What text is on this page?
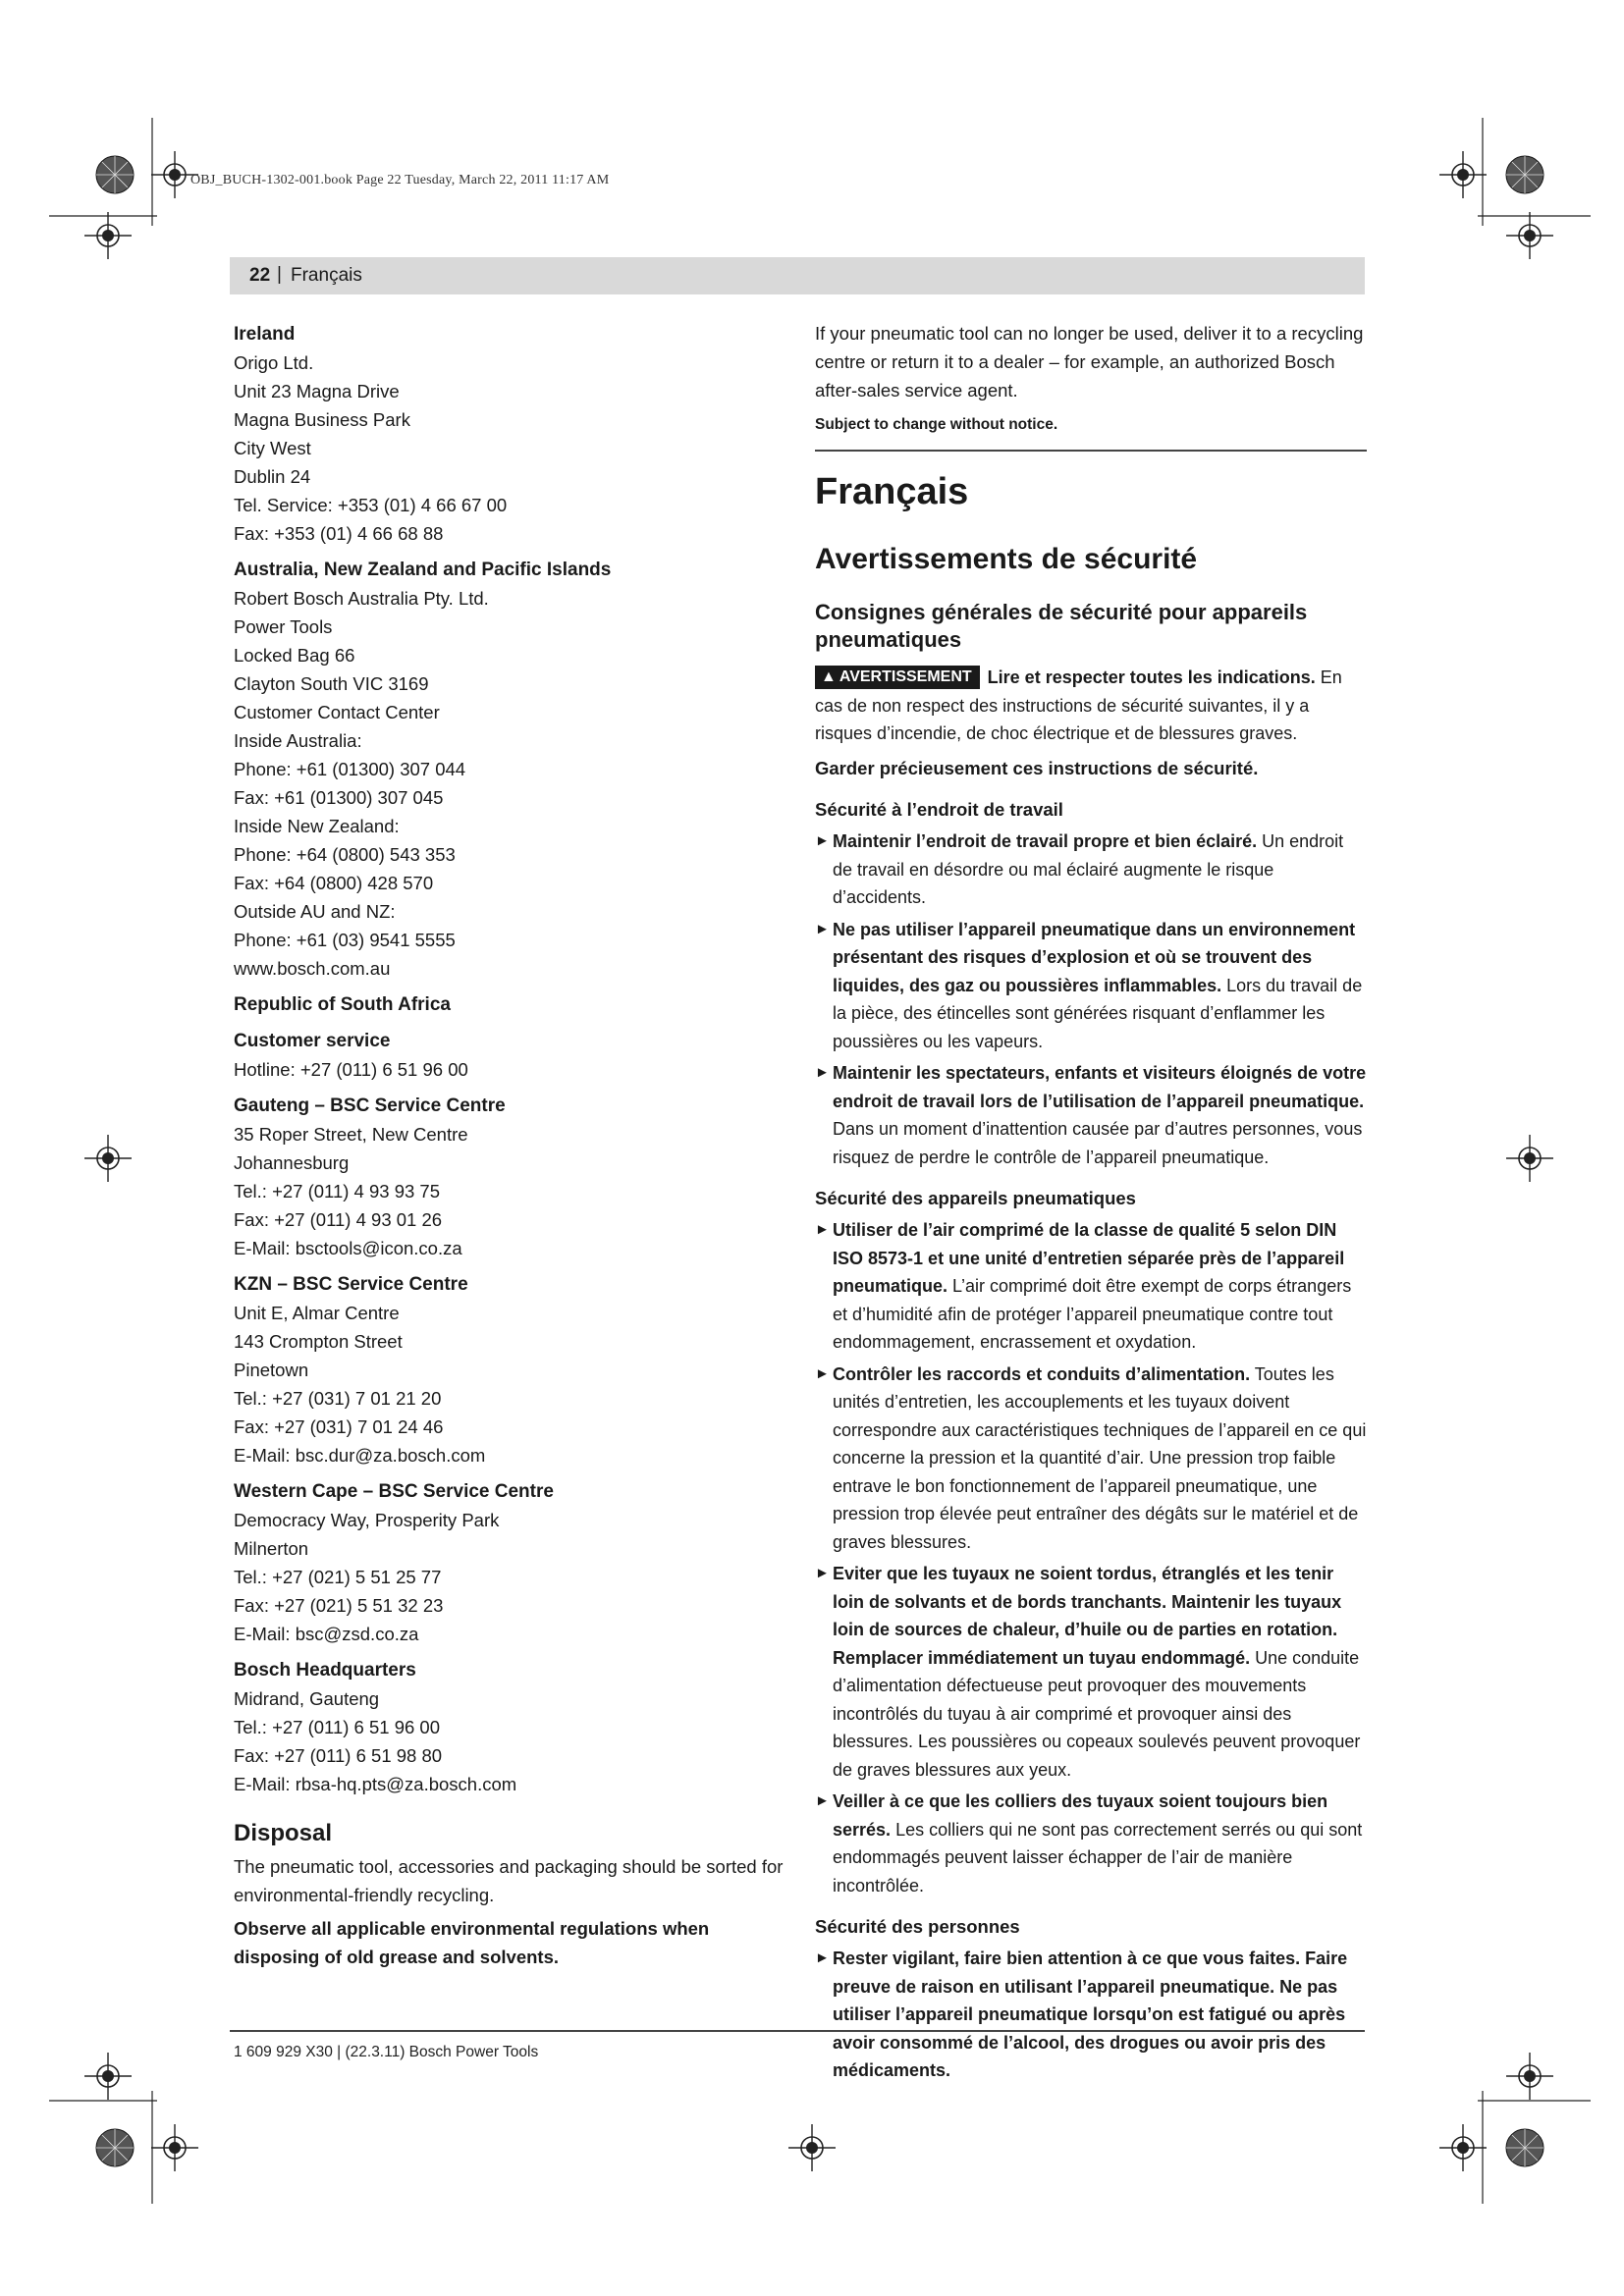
OBJ_BUCH-1302-001.book Page 22 Tuesday, March 22, 2011 11:17 AM
22 | Français

Ireland

Origo Ltd.
Unit 23 Magna Drive
Magna Business Park
City West
Dublin 24
Tel. Service: +353 (01) 4 66 67 00
Fax: +353 (01) 4 66 68 88

Australia, New Zealand and Pacific Islands

Robert Bosch Australia Pty. Ltd.
Power Tools
Locked Bag 66
Clayton South VIC 3169
Customer Contact Center
Inside Australia:
Phone: +61 (01300) 307 044
Fax: +61 (01300) 307 045
Inside New Zealand:
Phone: +64 (0800) 543 353
Fax: +64 (0800) 428 570
Outside AU and NZ:
Phone: +61 (03) 9541 5555
www.bosch.com.au

Republic of South Africa

Customer service

Hotline: +27 (011) 6 51 96 00

Gauteng – BSC Service Centre

35 Roper Street, New Centre
Johannesburg
Tel.: +27 (011) 4 93 93 75
Fax: +27 (011) 4 93 01 26
E-Mail: bsctools@icon.co.za

KZN – BSC Service Centre

Unit E, Almar Centre
143 Crompton Street
Pinetown
Tel.: +27 (031) 7 01 21 20
Fax: +27 (031) 7 01 24 46
E-Mail: bsc.dur@za.bosch.com

Western Cape – BSC Service Centre

Democracy Way, Prosperity Park
Milnerton
Tel.: +27 (021) 5 51 25 77
Fax: +27 (021) 5 51 32 23
E-Mail: bsc@zsd.co.za

Bosch Headquarters

Midrand, Gauteng
Tel.: +27 (011) 6 51 96 00
Fax: +27 (011) 6 51 98 80
E-Mail: rbsa-hq.pts@za.bosch.com

Disposal

The pneumatic tool, accessories and packaging should be sorted for environmental-friendly recycling.

Observe all applicable environmental regulations when disposing of old grease and solvents.

If your pneumatic tool can no longer be used, deliver it to a recycling centre or return it to a dealer – for example, an authorized Bosch after-sales service agent.

Subject to change without notice.

Français

Avertissements de sécurité

Consignes générales de sécurité pour appareils pneumatiques

▲ AVERTISSEMENT Lire et respecter toutes les indications. En cas de non respect des instructions de sécurité suivantes, il y a risques d’incendie, de choc électrique et de blessures graves.

Garder précieusement ces instructions de sécurité.

Sécurité à l’endroit de travail

► Maintenir l’endroit de travail propre et bien éclairé. Un endroit de travail en désordre ou mal éclairé augmente le risque d’accidents.

► Ne pas utiliser l’appareil pneumatique dans un environnement présentant des risques d’explosion et où se trouvent des liquides, des gaz ou poussières inflammables. Lors du travail de la pièce, des étincelles sont générées risquant d’enflammer les poussières ou les vapeurs.

► Maintenir les spectateurs, enfants et visiteurs éloignés de votre endroit de travail lors de l’utilisation de l’appareil pneumatique. Dans un moment d’inattention causée par d’autres personnes, vous risquez de perdre le contrôle de l’appareil pneumatique.

Sécurité des appareils pneumatiques

► Utiliser de l’air comprimé de la classe de qualité 5 selon DIN ISO 8573-1 et une unité d’entretien séparée près de l’appareil pneumatique. L’air comprimé doit être exempt de corps étrangers et d’humidité afin de protéger l’appareil pneumatique contre tout endommagement, encrassement et oxydation.

► Contrôler les raccords et conduits d’alimentation. Toutes les unités d’entretien, les accouplements et les tuyaux doivent correspondre aux caractéristiques techniques de l’appareil en ce qui concerne la pression et la quantité d’air. Une pression trop faible entrave le bon fonctionnement de l’appareil pneumatique, une pression trop élevée peut entraîner des dégâts sur le matériel et de graves blessures.

► Eviter que les tuyaux ne soient tordus, étranglés et les tenir loin de solvants et de bords tranchants. Maintenir les tuyaux loin de sources de chaleur, d’huile ou de parties en rotation. Remplacer immédiatement un tuyau endommagé. Une conduite d’alimentation défectueuse peut provoquer des mouvements incontrôlés du tuyau à air comprimé et provoquer ainsi des blessures. Les poussières ou copeaux soulevés peuvent provoquer de graves blessures aux yeux.

► Veiller à ce que les colliers des tuyaux soient toujours bien serrés. Les colliers qui ne sont pas correctement serrés ou qui sont endommagés peuvent laisser échapper de l’air de manière incontrôlée.

Sécurité des personnes

► Rester vigilant, faire bien attention à ce que vous faites. Faire preuve de raison en utilisant l’appareil pneumatique. Ne pas utiliser l’appareil pneumatique lorsqu’on est fatigué ou après avoir consommé de l’alcool, des drogues ou avoir pris des médicaments.

1 609 929 X30 | (22.3.11) Bosch Power Tools
